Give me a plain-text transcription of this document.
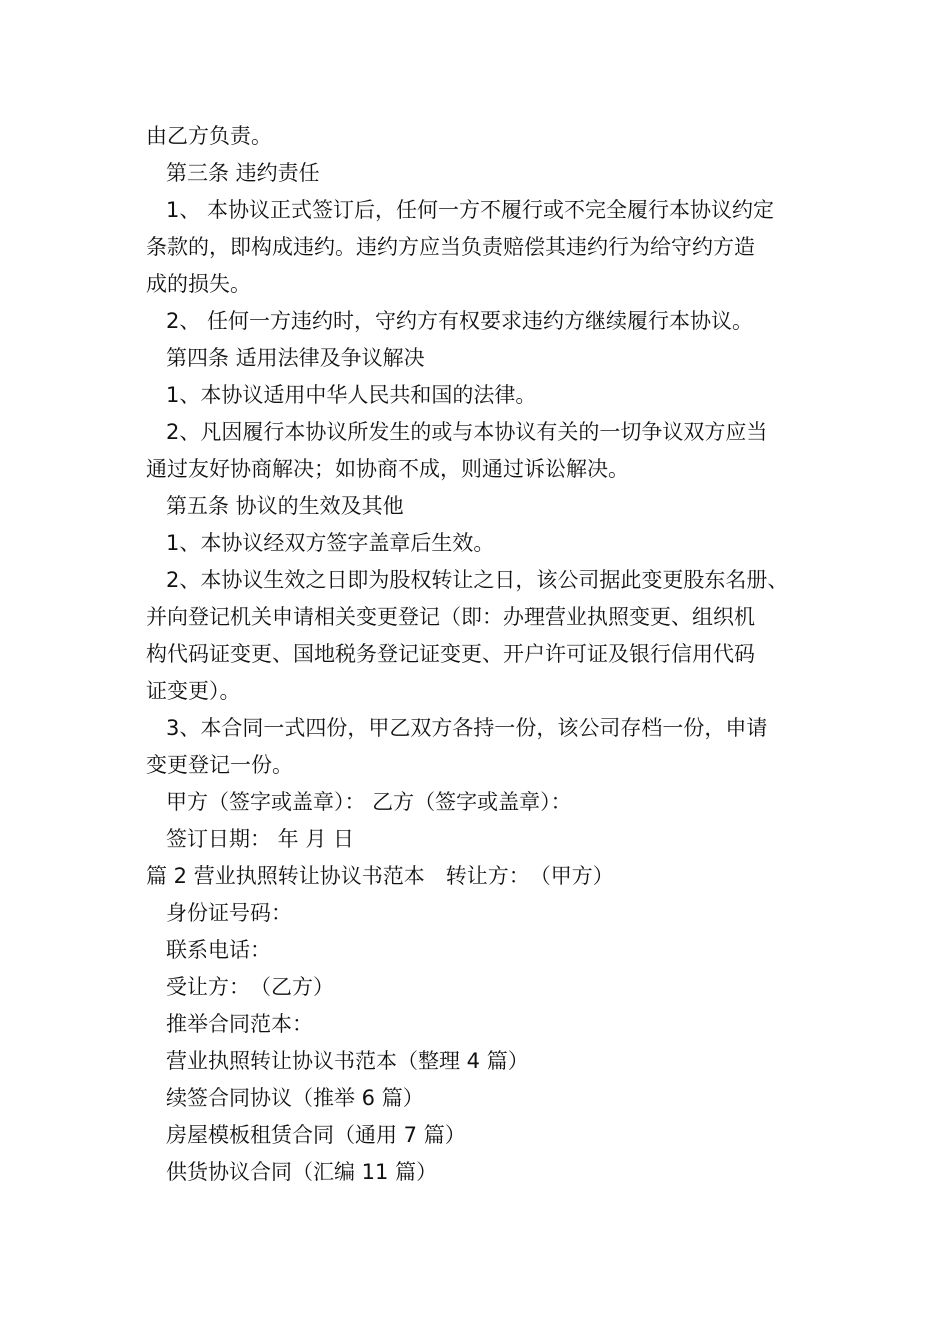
由乙方负责。
第三条 违约责任
1、 本协议正式签订后，任何一方不履行或不完全履行本协议约定
条款的，即构成违约。违约方应当负责赔偿其违约行为给守约方造
成的损失。
2、 任何一方违约时，守约方有权要求违约方继续履行本协议。
第四条 适用法律及争议解决
1、本协议适用中华人民共和国的法律。
2、凡因履行本协议所发生的或与本协议有关的一切争议双方应当
通过友好协商解决；如协商不成，则通过诉讼解决。
第五条 协议的生效及其他
1、本协议经双方签字盖章后生效。
2、本协议生效之日即为股权转让之日，该公司据此变更股东名册、
并向登记机关申请相关变更登记（即：办理营业执照变更、组织机
构代码证变更、国地税务登记证变更、开户许可证及银行信用代码
证变更）。
3、本合同一式四份，甲乙双方各持一份，该公司存档一份，申请
变更登记一份。
甲方（签字或盖章）： 乙方（签字或盖章）：
签订日期： 年 月 日
篇 2 营业执照转让协议书范本　转让方：　（甲方）
身份证号码：
联系电话：
受让方：　（乙方）
推举合同范本：
营业执照转让协议书范本（整理 4 篇）
续签合同协议（推举 6 篇）
房屋模板租赁合同（通用 7 篇）
供货协议合同（汇编 11 篇）
